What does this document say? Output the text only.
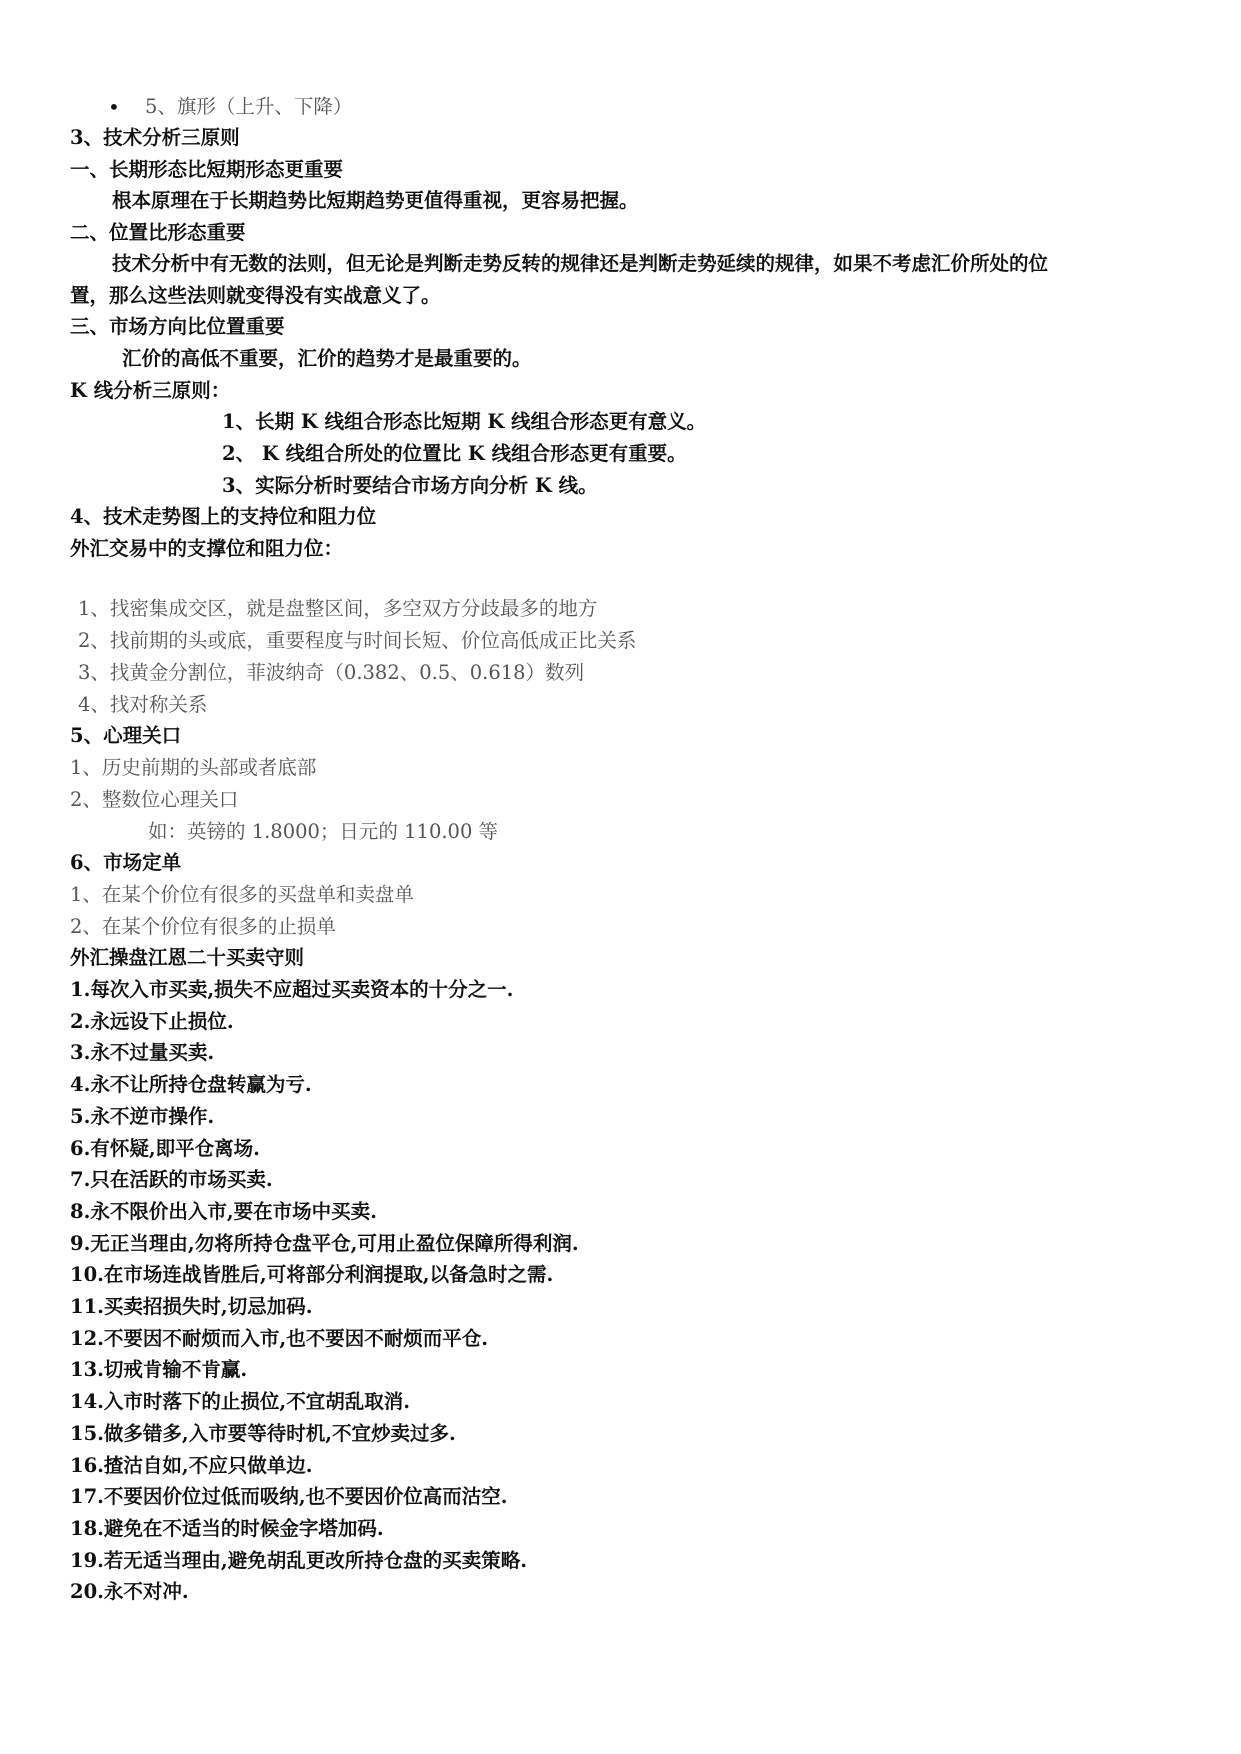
• 5、旗形（上升、下降）
3、技术分析三原则
一、长期形态比短期形态更重要
根本原理在于长期趋势比短期趋势更值得重视，更容易把握。
二、位置比形态重要
技术分析中有无数的法则，但无论是判断走势反转的规律还是判断走势延续的规律，如果不考虑汇价所处的位
置，那么这些法则就变得没有实战意义了。
三、市场方向比位置重要
汇价的高低不重要，汇价的趋势才是最重要的。
K 线分析三原则：
1、长期 K 线组合形态比短期 K 线组合形态更有意义。
2、 K 线组合所处的位置比 K 线组合形态更有重要。
3、实际分析时要结合市场方向分析 K 线。
4、技术走势图上的支持位和阻力位
外汇交易中的支撑位和阻力位：
1、找密集成交区，就是盘整区间，多空双方分歧最多的地方
2、找前期的头或底，重要程度与时间长短、价位高低成正比关系
3、找黄金分割位，菲波纳奇（0.382、0.5、0.618）数列
4、找对称关系
5、心理关口
1、历史前期的头部或者底部
2、整数位心理关口
如：英镑的 1.8000；日元的 110.00 等
6、市场定单
1、在某个价位有很多的买盘单和卖盘单
2、在某个价位有很多的止损单
外汇操盘江恩二十买卖守则
1.每次入市买卖,损失不应超过买卖资本的十分之一.
2.永远设下止损位.
3.永不过量买卖.
4.永不让所持仓盘转赢为亏.
5.永不逆市操作.
6.有怀疑,即平仓离场.
7.只在活跃的市场买卖.
8.永不限价出入市,要在市场中买卖.
9.无正当理由,勿将所持仓盘平仓,可用止盈位保障所得利润.
10.在市场连战皆胜后,可将部分利润提取,以备急时之需.
11.买卖招损失时,切忌加码.
12.不要因不耐烦而入市,也不要因不耐烦而平仓.
13.切戒肯输不肯赢.
14.入市时落下的止损位,不宜胡乱取消.
15.做多错多,入市要等待时机,不宜炒卖过多.
16.揸沽自如,不应只做单边.
17.不要因价位过低而吸纳,也不要因价位高而沽空.
18.避免在不适当的时候金字塔加码.
19.若无适当理由,避免胡乱更改所持仓盘的买卖策略.
20.永不对冲.
